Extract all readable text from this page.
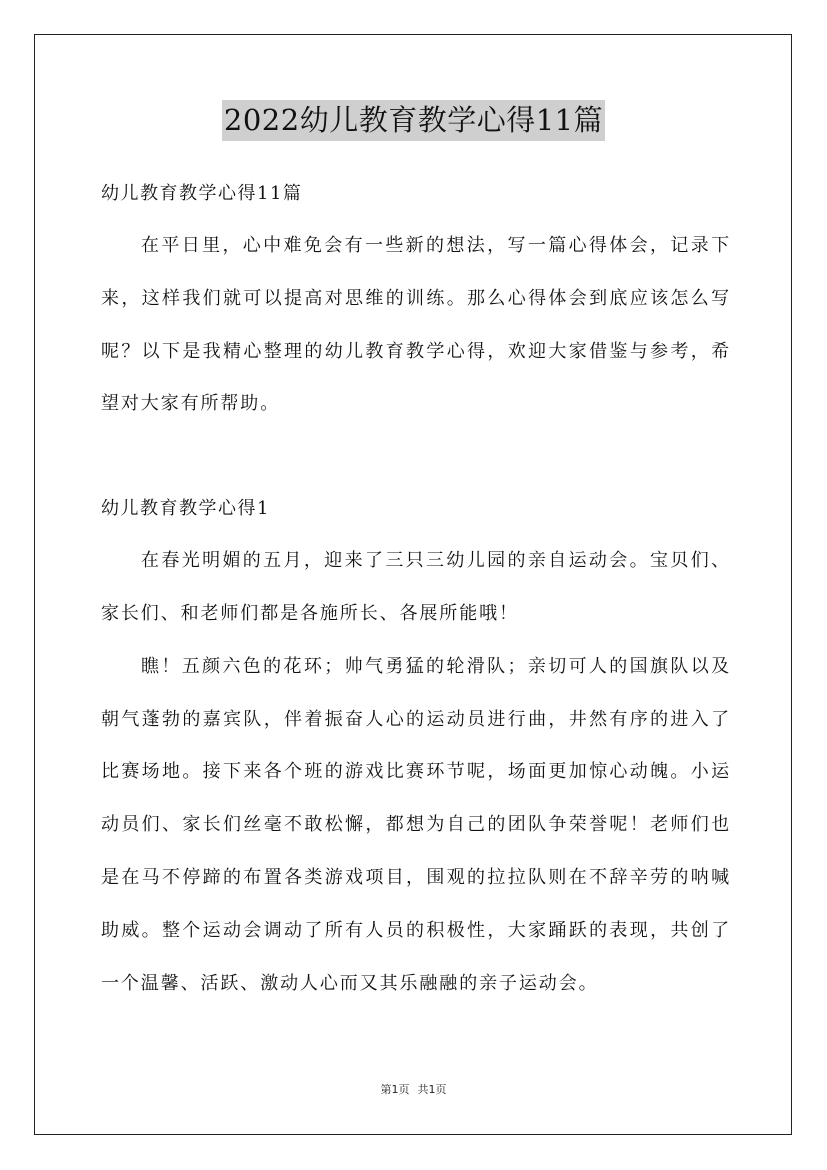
2022幼儿教育教学心得11篇

幼儿教育教学心得11篇

在平日里，心中难免会有一些新的想法，写一篇心得体会，记录下来，这样我们就可以提高对思维的训练。那么心得体会到底应该怎么写呢？以下是我精心整理的幼儿教育教学心得，欢迎大家借鉴与参考，希望对大家有所帮助。

幼儿教育教学心得1

在春光明媚的五月，迎来了三只三幼儿园的亲自运动会。宝贝们、家长们、和老师们都是各施所长、各展所能哦！

瞧！五颜六色的花环；帅气勇猛的轮滑队；亲切可人的国旗队以及朝气蓬勃的嘉宾队，伴着振奋人心的运动员进行曲，井然有序的进入了比赛场地。接下来各个班的游戏比赛环节呢，场面更加惊心动魄。小运动员们、家长们丝毫不敢松懈，都想为自己的团队争荣誉呢！老师们也是在马不停蹄的布置各类游戏项目，围观的拉拉队则在不辞辛劳的呐喊助威。整个运动会调动了所有人员的积极性，大家踊跃的表现，共创了一个温馨、活跃、激动人心而又其乐融融的亲子运动会。

第1页 共1页
